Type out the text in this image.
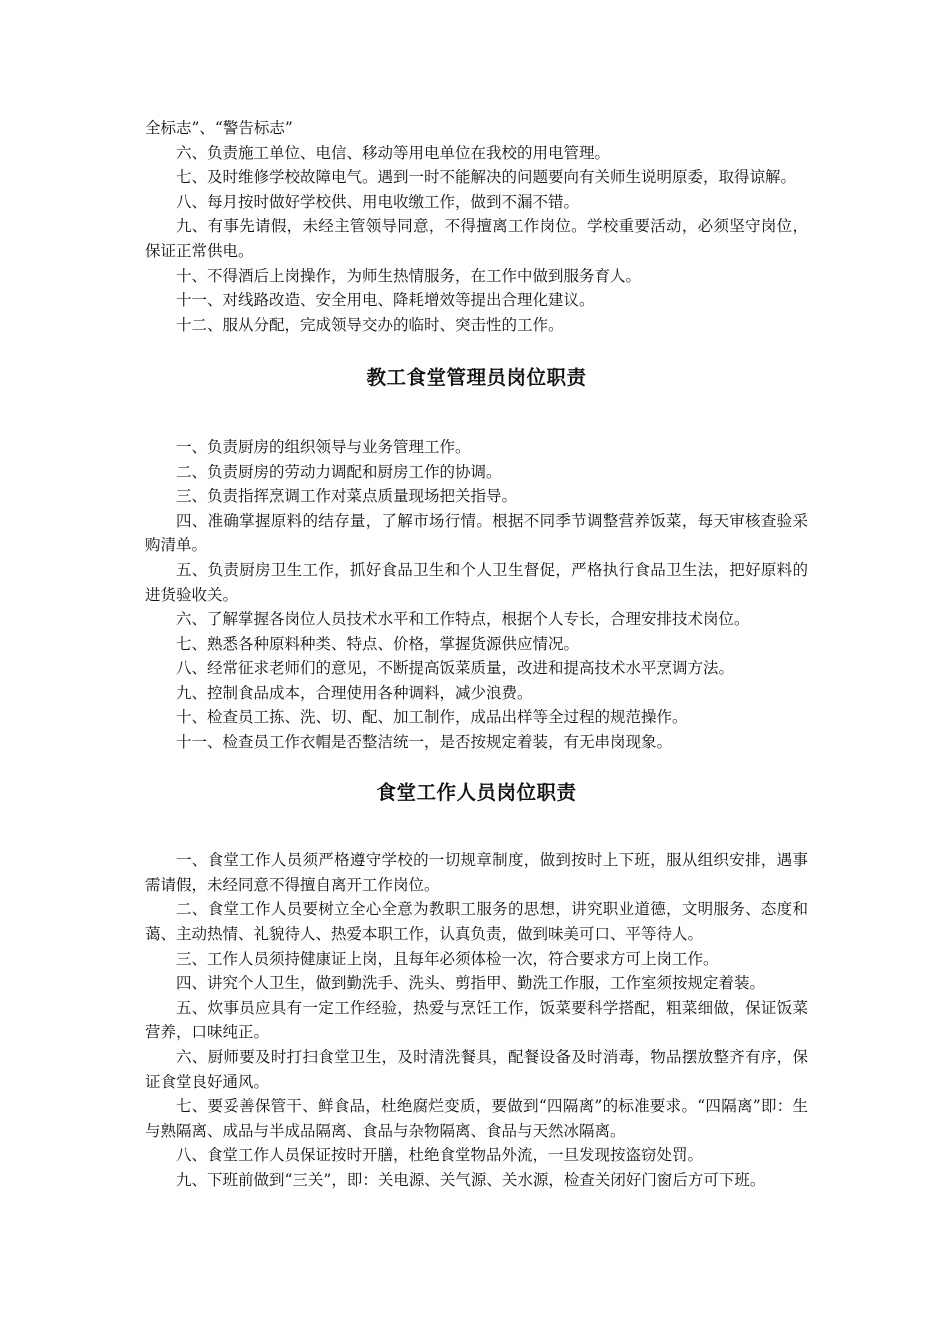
全标志”、“警告标志”

六、负责施工单位、电信、移动等用电单位在我校的用电管理。

七、及时维修学校故障电气。遇到一时不能解决的问题要向有关师生说明原委，取得谅解。

八、每月按时做好学校供、用电收缴工作，做到不漏不错。

九、有事先请假，未经主管领导同意，不得擅离工作岗位。学校重要活动，必须坚守岗位，保证正常供电。

十、不得酒后上岗操作，为师生热情服务，在工作中做到服务育人。

十一、对线路改造、安全用电、降耗增效等提出合理化建议。

十二、服从分配，完成领导交办的临时、突击性的工作。

教工食堂管理员岗位职责

一、负责厨房的组织领导与业务管理工作。

二、负责厨房的劳动力调配和厨房工作的协调。

三、负责指挥烹调工作对菜点质量现场把关指导。

四、准确掌握原料的结存量，了解市场行情。根据不同季节调整营养饭菜，每天审核查验采购清单。

五、负责厨房卫生工作，抓好食品卫生和个人卫生督促，严格执行食品卫生法，把好原料的进货验收关。

六、了解掌握各岗位人员技术水平和工作特点，根据个人专长，合理安排技术岗位。

七、熟悉各种原料种类、特点、价格，掌握货源供应情况。

八、经常征求老师们的意见，不断提高饭菜质量，改进和提高技术水平烹调方法。

九、控制食品成本，合理使用各种调料，减少浪费。

十、检查员工拣、洗、切、配、加工制作，成品出样等全过程的规范操作。

十一、检查员工作衣帽是否整洁统一，是否按规定着装，有无串岗现象。

食堂工作人员岗位职责

一、食堂工作人员须严格遵守学校的一切规章制度，做到按时上下班，服从组织安排，遇事需请假，未经同意不得擅自离开工作岗位。

二、食堂工作人员要树立全心全意为教职工服务的思想，讲究职业道德，文明服务、态度和蔼、主动热情、礼貌待人、热爱本职工作，认真负责，做到味美可口、平等待人。

三、工作人员须持健康证上岗，且每年必须体检一次，符合要求方可上岗工作。

四、讲究个人卫生，做到勤洗手、洗头、剪指甲、勤洗工作服，工作室须按规定着装。

五、炊事员应具有一定工作经验，热爱与烹饪工作，饭菜要科学搭配，粗菜细做，保证饭菜营养，口味纯正。

六、厨师要及时打扫食堂卫生，及时清洗餐具，配餐设备及时消毒，物品摆放整齐有序，保证食堂良好通风。

七、要妥善保管干、鲜食品，杜绝腐烂变质，要做到“四隔离”的标准要求。“四隔离”即：生与熟隔离、成品与半成品隔离、食品与杂物隔离、食品与天然冰隔离。

八、食堂工作人员保证按时开膳，杜绝食堂物品外流，一旦发现按盗窃处罚。

九、下班前做到“三关”，即：关电源、关气源、关水源，检查关闭好门窗后方可下班。
